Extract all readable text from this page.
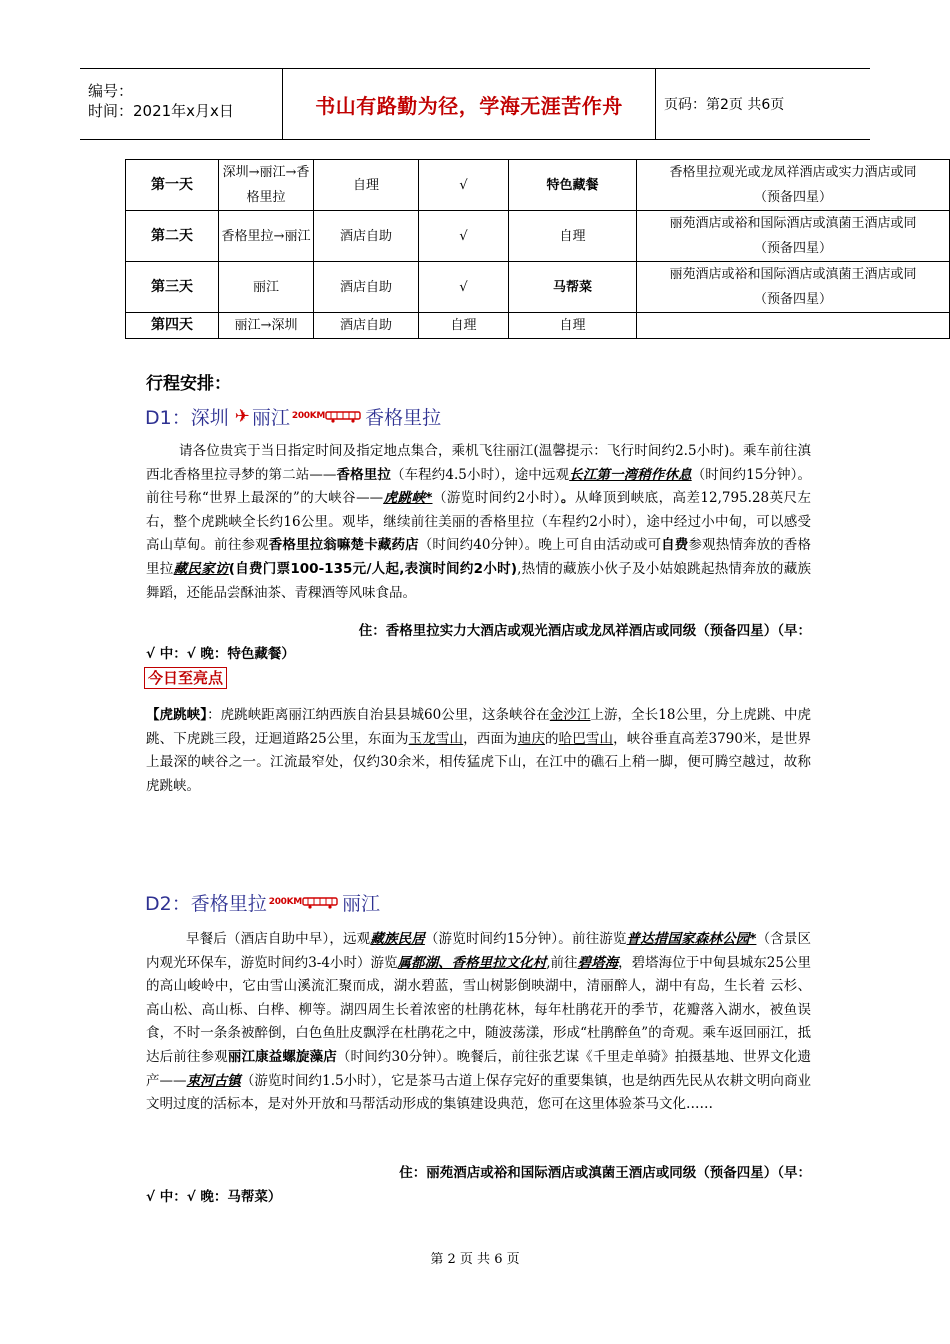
编号：
时间：2021年x月x日	书山有路勤为径，学海无涯苦作舟	页码：第2页 共6页
第一天	深圳→丽江→香格里拉	自理	√	特色藏餐	香格里拉观光或龙凤祥酒店或实力酒店或同
（预备四星）

第二天	香格里拉→丽江	酒店自助	√	自理	丽苑酒店或裕和国际酒店或滇菌王酒店或同
（预备四星）

第三天	丽江	酒店自助	√	马帮菜	丽苑酒店或裕和国际酒店或滇菌王酒店或同
（预备四星）

第四天	丽江→深圳	酒店自助	自理	自理	
行程安排：
D1： 深圳 ✈ 丽江 200KM 香格里拉
请各位贵宾于当日指定时间及指定地点集合，乘机飞往丽江(温馨提示：飞行时间约2.5小时)。乘车前往滇西北香格里拉寻梦的第二站——香格里拉（车程约4.5小时），途中远观长江第一湾稍作休息（时间约15分钟）。前往号称“世界上最深的”的大峡谷——虎跳峡*（游览时间约2小时）。从峰顶到峡底，高差12,795.28英尺左右，整个虎跳峡全长约16公里。观毕，继续前往美丽的香格里拉（车程约2小时），途中经过小中甸，可以感受高山草甸。前往参观香格里拉翁嘛楚卡藏药店（时间约40分钟）。晚上可自由活动或可自费参观热情奔放的香格里拉藏民家访(自费门票100-135元/人起,表演时间约2小时),热情的藏族小伙子及小姑娘跳起热情奔放的藏族舞蹈，还能品尝酥油茶、青稞酒等风味食品。
住：香格里拉实力大酒店或观光酒店或龙凤祥酒店或同级（预备四星）（早：
√ 中：√ 晚：特色藏餐）
今日至亮点
【虎跳峡】：虎跳峡距离丽江纳西族自治县县城60公里，这条峡谷在金沙江上游，全长18公里，分上虎跳、中虎跳、下虎跳三段，迂迴道路25公里，东面为玉龙雪山，西面为迪庆的哈巴雪山，峡谷垂直高差3790米，是世界上最深的峡谷之一。江流最窄处，仅约30余米，相传猛虎下山，在江中的礁石上稍一脚，便可腾空越过，故称虎跳峡。
D2： 香格里拉 200KM 丽江
早餐后（酒店自助中早），远观藏族民居（游览时间约15分钟）。前往游览普达措国家森林公园*（含景区内观光环保车，游览时间约3-4小时）游览属都湖、香格里拉文化村,前往碧塔海，碧塔海位于中甸县城东25公里的高山峻岭中，它由雪山溪流汇聚而成，湖水碧蓝，雪山树影倒映湖中，清丽醉人，湖中有岛，生长着 云杉、高山松、高山栎、白桦、柳等。湖四周生长着浓密的杜鹃花林，每年杜鹃花开的季节，花瓣落入湖水，被鱼误食，不时一条条被醉倒，白色鱼肚皮飘浮在杜鹃花之中，随波荡漾，形成“杜鹃醉鱼”的奇观。乘车返回丽江，抵达后前往参观丽江康益螺旋藻店（时间约30分钟）。晚餐后，前往张艺谋《千里走单骑》拍摄基地、世界文化遗产——束河古镇（游览时间约1.5小时），它是茶马古道上保存完好的重要集镇，也是纳西先民从农耕文明向商业文明过度的活标本，是对外开放和马帮活动形成的集镇建设典范，您可在这里体验茶马文化……
住：丽苑酒店或裕和国际酒店或滇菌王酒店或同级（预备四星）（早：
√ 中：√ 晚：马帮菜）
第 2 页 共 6 页
